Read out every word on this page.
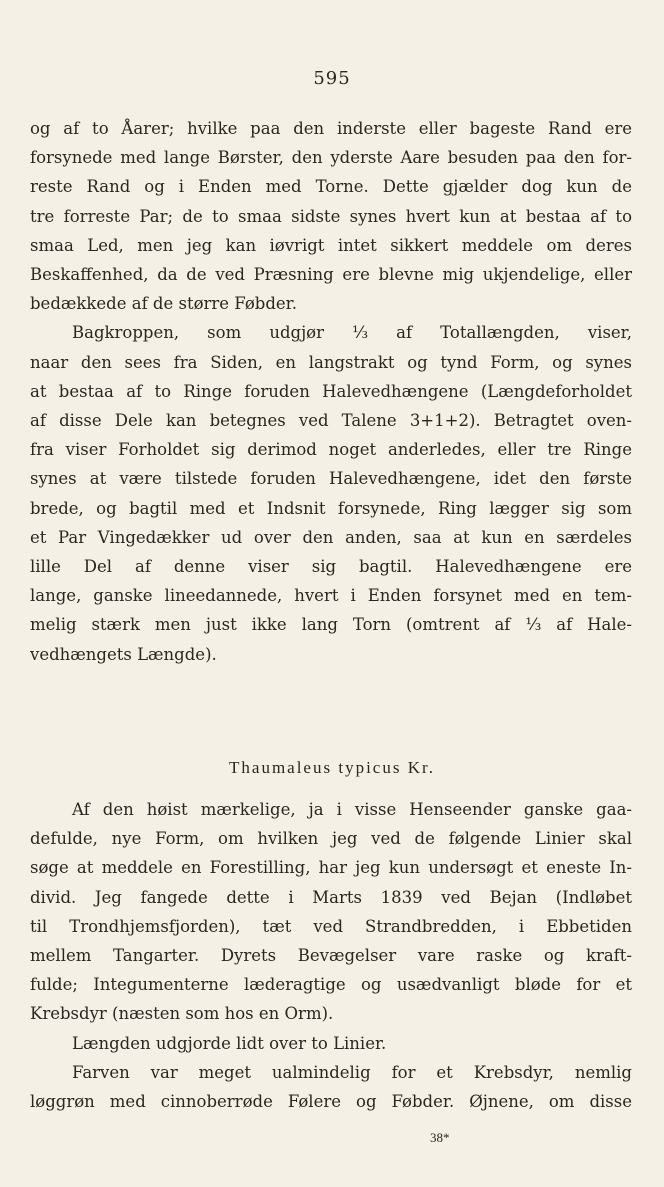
595
og af to Åarer; hvilke paa den inderste eller bageste Rand ere
forsynede med lange Børster, den yderste Aare besuden paa den for-
reste Rand og i Enden med Torne. Dette gjælder dog kun de
tre forreste Par; de to smaa sidste synes hvert kun at bestaa af to
smaa Led, men jeg kan iøvrigt intet sikkert meddele om deres
Beskaffenhed, da de ved Præsning ere blevne mig ukjendelige, eller
bedækkede af de større Føbder.
Bagkroppen, som udgjør ⅓ af Totallængden, viser,
naar den sees fra Siden, en langstrakt og tynd Form, og synes
at bestaa af to Ringe foruden Halevedhængene (Længdeforholdet
af disse Dele kan betegnes ved Talene 3+1+2). Betragtet oven-
fra viser Forholdet sig derimod noget anderledes, eller tre Ringe
synes at være tilstede foruden Halevedhængene, idet den første
brede, og bagtil med et Indsnit forsynede, Ring lægger sig som
et Par Vingedækker ud over den anden, saa at kun en særdeles
lille Del af denne viser sig bagtil. Halevedhængene ere
lange, ganske lineedannede, hvert i Enden forsynet med en tem-
melig stærk men just ikke lang Torn (omtrent af ⅓ af Hale-
vedhængets Længde).
Thaumaleus typicus Kr.
Af den høist mærkelige, ja i visse Henseender ganske gaa-
defulde, nye Form, om hvilken jeg ved de følgende Linier skal
søge at meddele en Forestilling, har jeg kun undersøgt et eneste In-
divid. Jeg fangede dette i Marts 1839 ved Bejan (Indløbet
til Trondhjemsfjorden), tæt ved Strandbredden, i Ebbetiden
mellem Tangarter. Dyrets Bevægelser vare raske og kraft-
fulde; Integumenterne læderagtige og usædvanligt bløde for et
Krebsdyr (næsten som hos en Orm).
Længden udgjorde lidt over to Linier.
Farven var meget ualmindelig for et Krebsdyr, nemlig
løggrøn med cinnoberrøde Følere og Føbder. Øjnene, om disse
38*
